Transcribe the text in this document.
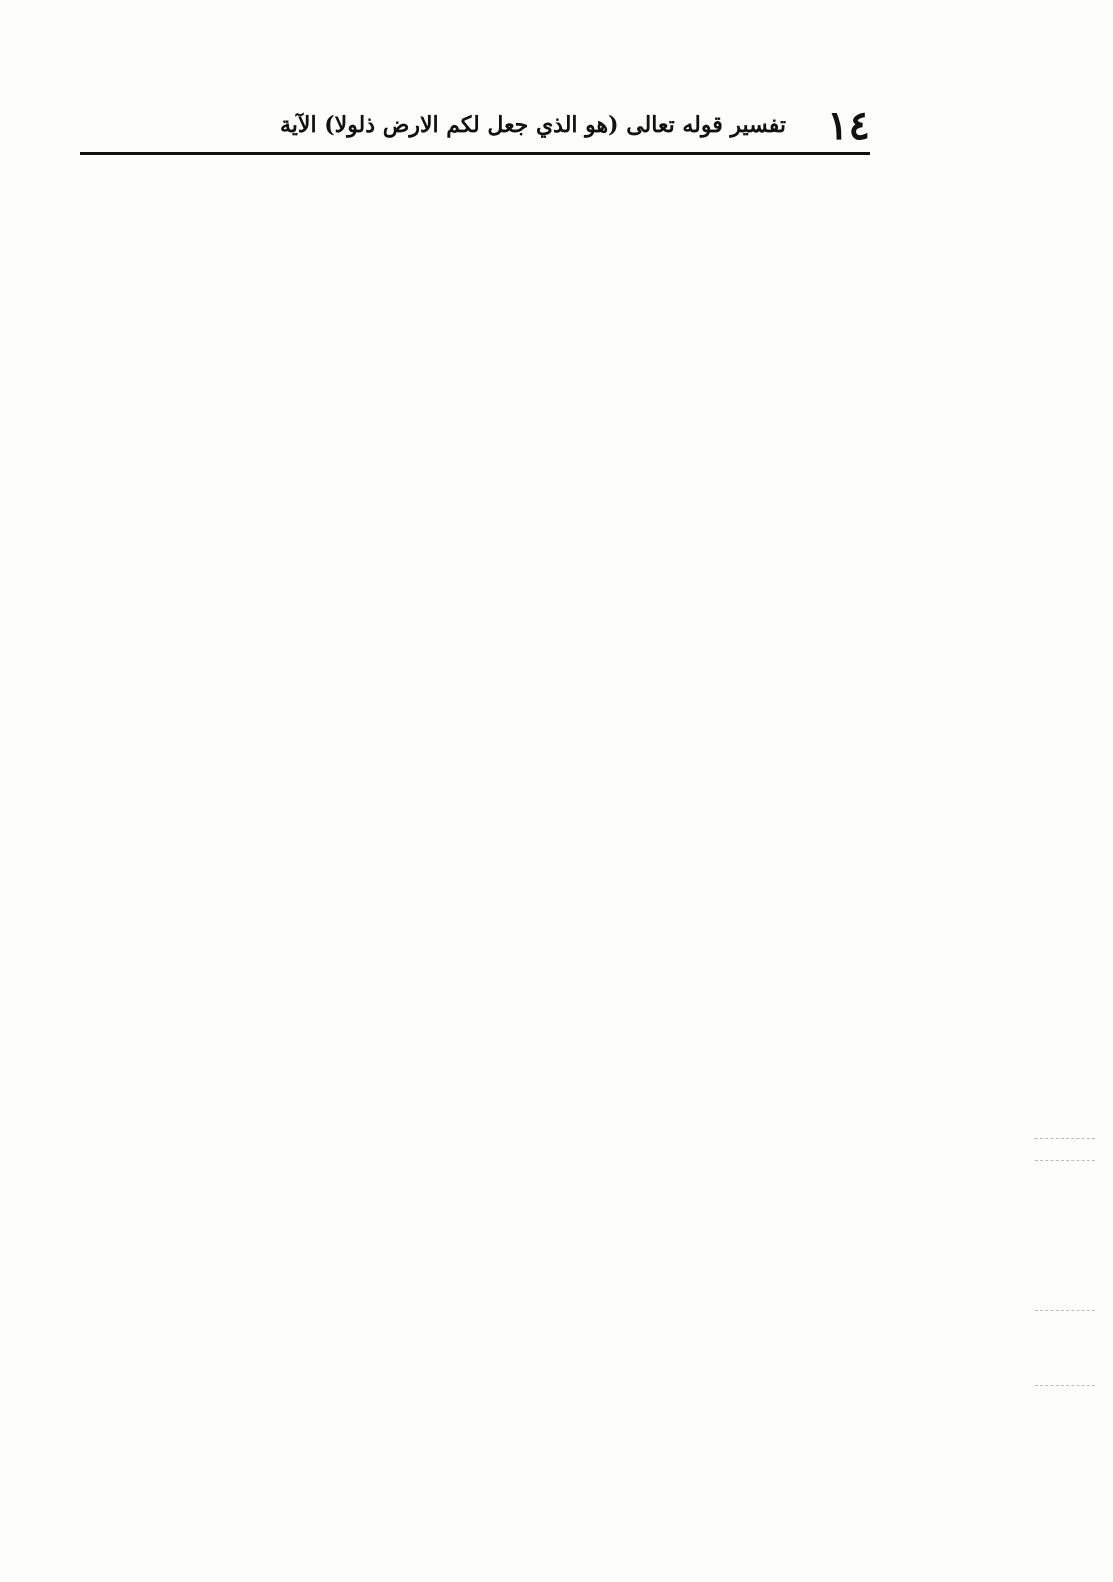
١٤
تفسير قوله تعالى (هو الذي جعل لكم الارض ذلولا) الآية
